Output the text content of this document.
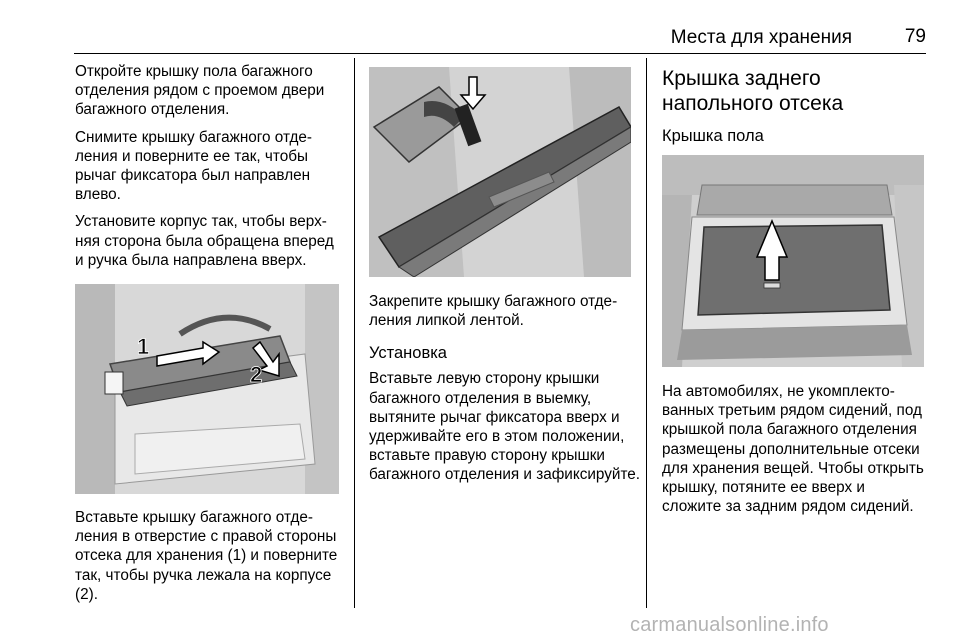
Места для хранения	79

Откройте крышку пола багажного отделения рядом с проемом двери багажного отделения.

Снимите крышку багажного отделения и поверните ее так, чтобы рычаг фиксатора был направлен влево.

Установите корпус так, чтобы верхняя сторона была обращена вперед и ручка была направлена вверх.

1
2

Вставьте крышку багажного отделения в отверстие с правой стороны отсека для хранения (1) и поверните так, чтобы ручка лежала на корпусе (2).

Закрепите крышку багажного отделения липкой лентой.

Установка

Вставьте левую сторону крышки багажного отделения в выемку, вытяните рычаг фиксатора вверх и удерживайте его в этом положении, вставьте правую сторону крышки багажного отделения и зафиксируйте.

Крышка заднего напольного отсека
Крышка пола

На автомобилях, не укомплектованных третьим рядом сидений, под крышкой пола багажного отделения размещены дополнительные отсеки для хранения вещей. Чтобы открыть крышку, потяните ее вверх и сложите за задним рядом сидений.

carmanualsonline.info
